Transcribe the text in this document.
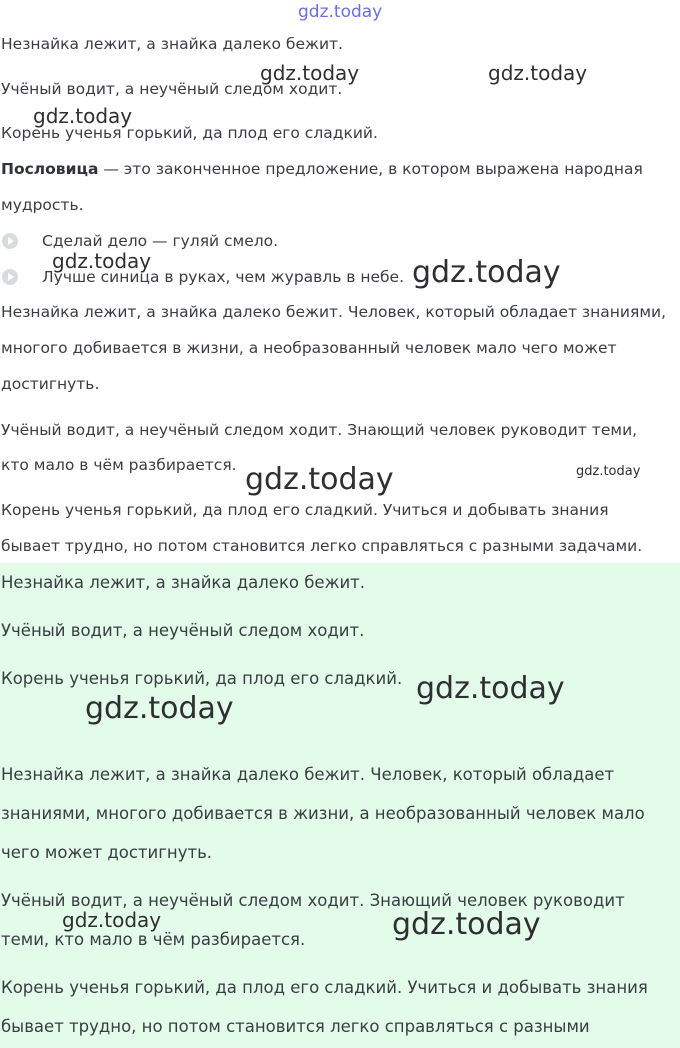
gdz.today
Незнайка лежит, а знайка далеко бежит.
Учёный водит, а неучёный следом ходит.
Корень ученья горький, да плод его сладкий.
Пословица — это законченное предложение, в котором выражена народная
мудрость.
Сделай дело — гуляй смело.
Лучше синица в руках, чем журавль в небе.
Незнайка лежит, а знайка далеко бежит. Человек, который обладает знаниями,
многого добивается в жизни, а необразованный человек мало чего может
достигнуть.
Учёный водит, а неучёный следом ходит. Знающий человек руководит теми,
кто мало в чём разбирается.
Корень ученья горький, да плод его сладкий. Учиться и добывать знания
бывает трудно, но потом становится легко справляться с разными задачами.
Незнайка лежит, а знайка далеко бежит.
Учёный водит, а неучёный следом ходит.
Корень ученья горький, да плод его сладкий.
Незнайка лежит, а знайка далеко бежит. Человек, который обладает
знаниями, многого добивается в жизни, а необразованный человек мало
чего может достигнуть.
Учёный водит, а неучёный следом ходит. Знающий человек руководит
теми, кто мало в чём разбирается.
Корень ученья горький, да плод его сладкий. Учиться и добывать знания
бывает трудно, но потом становится легко справляться с разными
gdz.today	gdz.today
gdz.today
gdz.today	gdz.today
gdz.today	gdz.today
gdz.today
gdz.today
gdz.today	gdz.today
